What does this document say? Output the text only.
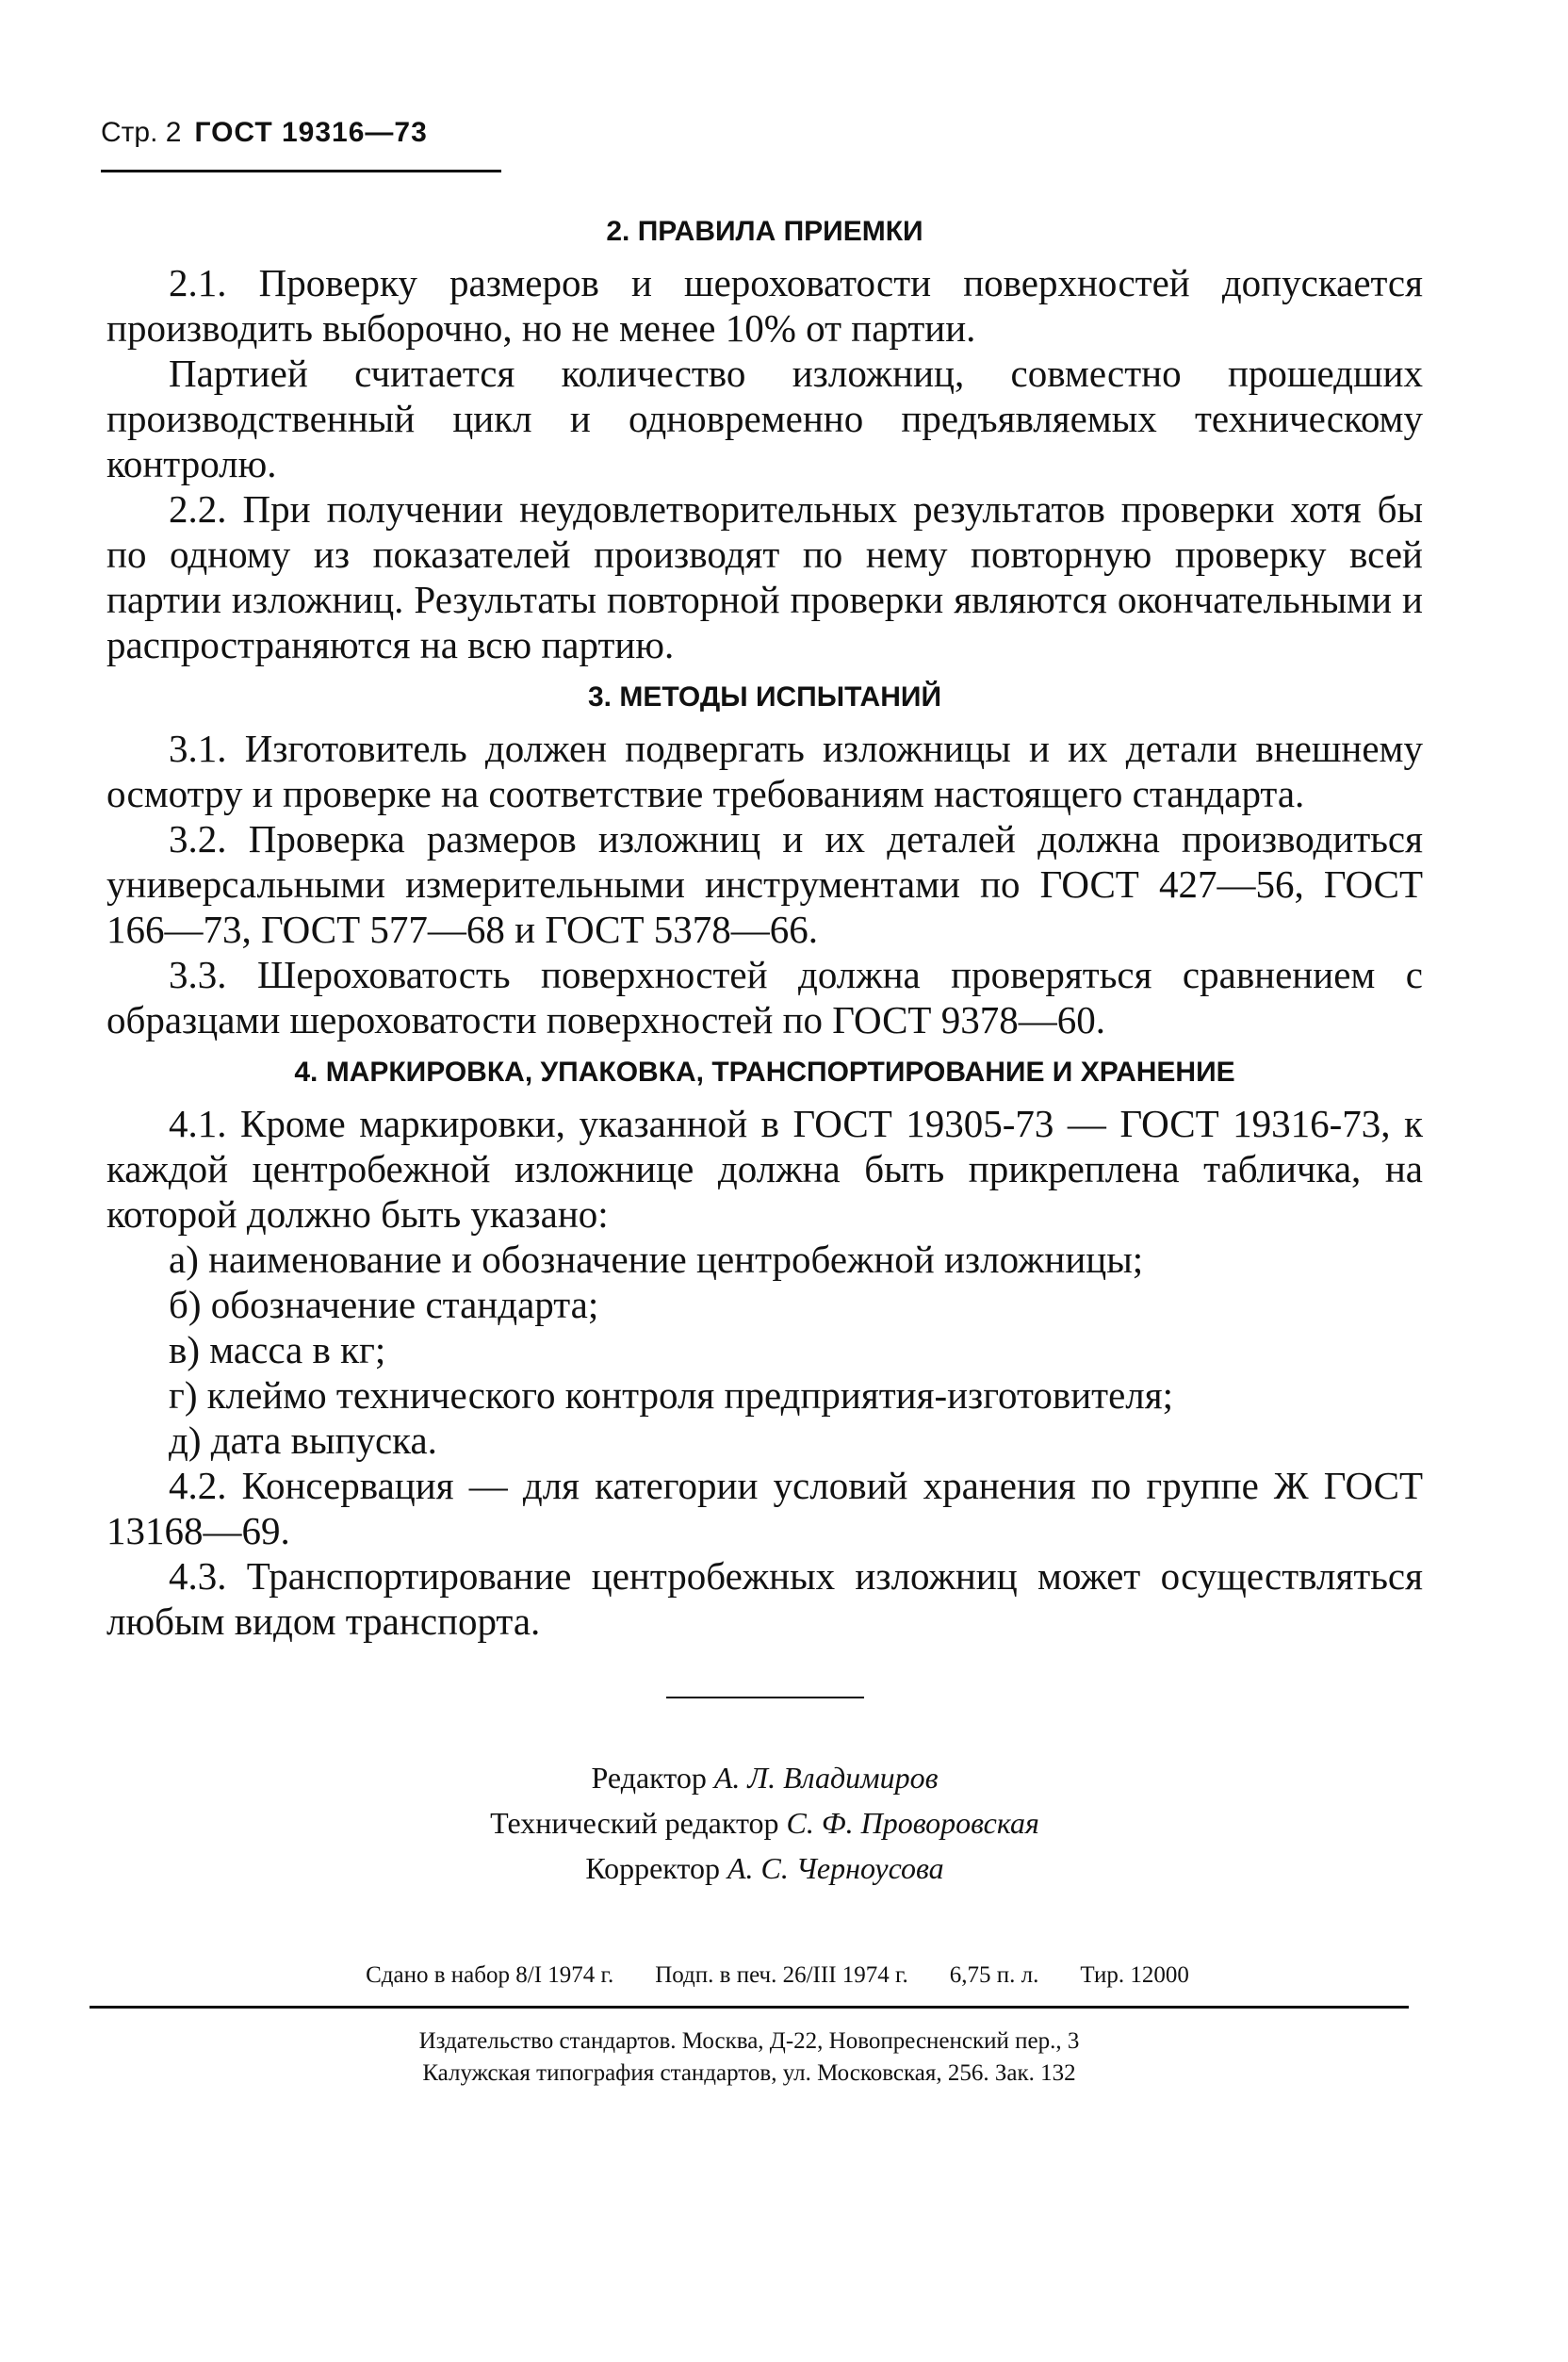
Стр. 2 ГОСТ 19316—73
2. ПРАВИЛА ПРИЕМКИ

2.1. Проверку размеров и шероховатости поверхностей допускается производить выборочно, но не менее 10% от партии.

Партией считается количество изложниц, совместно прошедших производственный цикл и одновременно предъявляемых техническому контролю.

2.2. При получении неудовлетворительных результатов проверки хотя бы по одному из показателей производят по нему повторную проверку всей партии изложниц. Результаты повторной проверки являются окончательными и распространяются на всю партию.

3. МЕТОДЫ ИСПЫТАНИЙ

3.1. Изготовитель должен подвергать изложницы и их детали внешнему осмотру и проверке на соответствие требованиям настоящего стандарта.

3.2. Проверка размеров изложниц и их деталей должна производиться универсальными измерительными инструментами по ГОСТ 427—56, ГОСТ 166—73, ГОСТ 577—68 и ГОСТ 5378—66.

3.3. Шероховатость поверхностей должна проверяться сравнением с образцами шероховатости поверхностей по ГОСТ 9378—60.

4. МАРКИРОВКА, УПАКОВКА, ТРАНСПОРТИРОВАНИЕ И ХРАНЕНИЕ

4.1. Кроме маркировки, указанной в ГОСТ 19305-73 — ГОСТ 19316-73, к каждой центробежной изложнице должна быть прикреплена табличка, на которой должно быть указано:

а) наименование и обозначение центробежной изложницы;

б) обозначение стандарта;

в) масса в кг;

г) клеймо технического контроля предприятия-изготовителя;

д) дата выпуска.

4.2. Консервация — для категории условий хранения по группе Ж ГОСТ 13168—69.

4.3. Транспортирование центробежных изложниц может осуществляться любым видом транспорта.

Редактор А. Л. Владимиров
Технический редактор С. Ф. Проворовская
Корректор А. С. Черноусова
Сдано в набор 8/I 1974 г. Подп. в печ. 26/III 1974 г. 6,75 п. л. Тир. 12000
Издательство стандартов. Москва, Д-22, Новопресненский пер., 3
Калужская типография стандартов, ул. Московская, 256. Зак. 132
